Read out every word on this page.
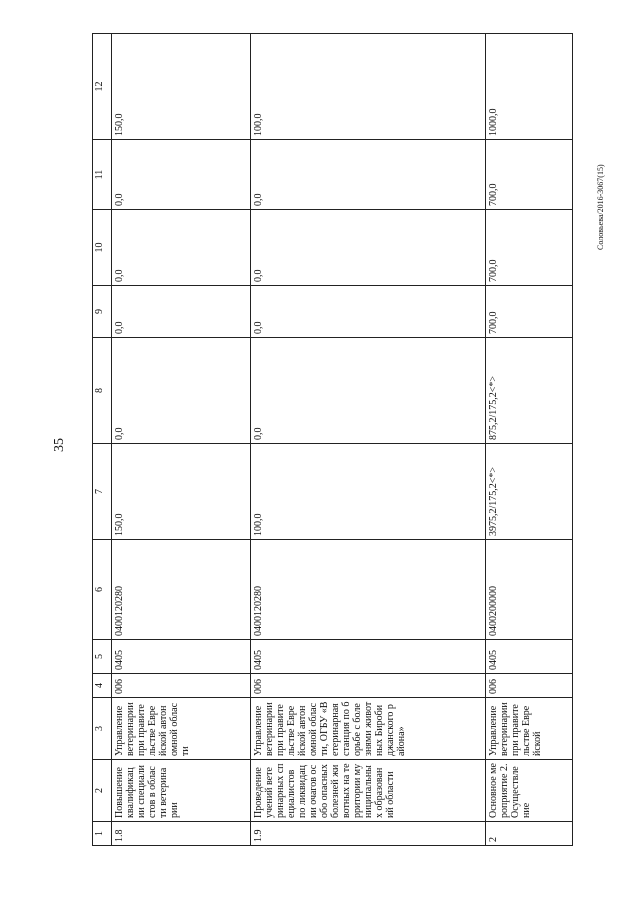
35
Соловьева/2016-3067(15)
1	2	3	4	5	6	7	8	9	10	11	12
1.8	Повышение квалификации специалистов в области ветеринарии	Управление ветеринарии при правительстве Еврейской автономной области	006	0405	0400120280	150,0	0,0	0,0	0,0	0,0	150,0
1.9	Проведение учений ветеринарных специалистов по ликвидации очагов особо опасных болезней животных на территории муниципальных образований области	Управление ветеринарии при правительстве Еврейской автономной области, ОГБУ «Ветеринарная станция по борьбе с болезнями животных Биробиджанского района»	006	0405	0400120280	100,0	0,0	0,0	0,0	0,0	100,0
2	Основное мероприятие 2. Осуществление	Управление ветеринарии при правительстве Еврейской	006	0405	0400200000	3975,2/175,2<*>	875,2/175,2<*>	700,0	700,0	700,0	1000,0
